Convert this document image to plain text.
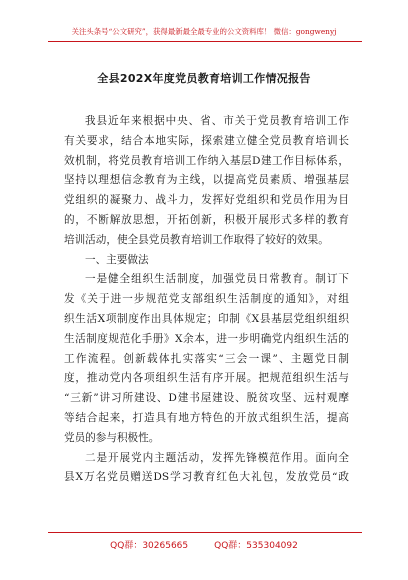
关注头条号“公文研究”，获得最新最全最专业的公文资料库！ 微信：gongwenyj
全县202X年度党员教育培训工作情况报告
我县近年来根据中央、省、市关于党员教育培训工作
有关要求，结合本地实际，探索建立健全党员教育培训长
效机制，将党员教育培训工作纳入基层D建工作目标体系，
坚持以理想信念教育为主线，以提高党员素质、增强基层
党组织的凝聚力、战斗力，发挥好党组织和党员作用为目
的，不断解放思想，开拓创新，积极开展形式多样的教育
培训活动，使全县党员教育培训工作取得了较好的效果。
一、主要做法
一是健全组织生活制度，加强党员日常教育。制订下
发《关于进一步规范党支部组织生活制度的通知》，对组
织生活X项制度作出具体规定；印制《X县基层党组织组织
生活制度规范化手册》X余本，进一步明确党内组织生活的
工作流程。创新载体扎实落实“三会一课”、主题党日制
度，推动党内各项组织生活有序开展。把规范组织生活与
“三新”讲习所建设、D建书屋建设、脱贫攻坚、远村观摩
等结合起来，打造具有地方特色的开放式组织生活，提高
党员的参与积极性。
二是开展党内主题活动，发挥先锋模范作用。面向全
县X万名党员赠送DS学习教育红色大礼包，发放党员“政
QQ群：30265665	QQ群：535304092
